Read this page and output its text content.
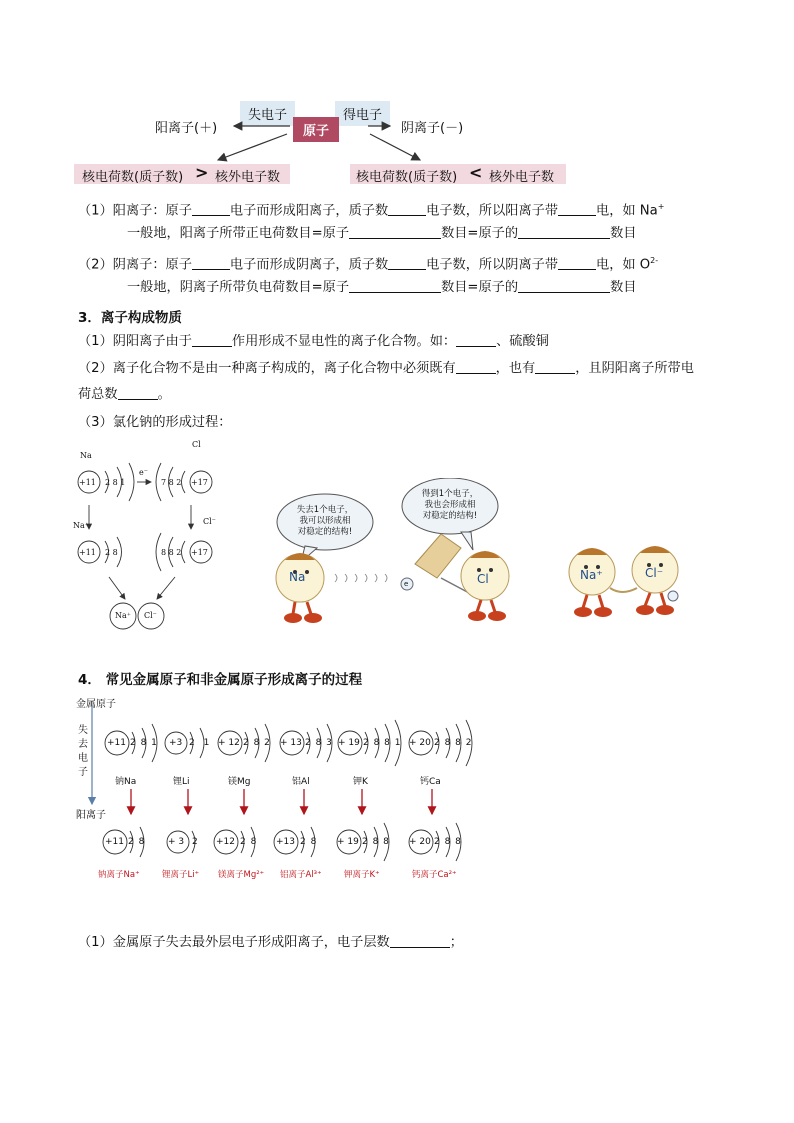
阳离子(＋)	阴离子(－)
失电子	得电子
原子
核电荷数(质子数) > 核外电子数	核电荷数(质子数) < 核外电子数
（1）阳离子：原子	电子而形成阳离子，质子数	电子数，所以阳离子带	电，如 Na+
一般地，阳离子所带正电荷数目=原子	数目=原子的	数目
（2）阴离子：原子	电子而形成阴离子，质子数	电子数，所以阴离子带	电，如 $O^{2-}$
一般地，阴离子所带负电荷数目=原子	数目=原子的	数目
3．离子构成物质
（1）阴阳离子由于	作用形成不显电性的离子化合物。如：	、硫酸铜
（2）离子化合物不是由一种离子构成的，离子化合物中必须既有	，也有	，且阴阳离子所带电
荷总数	。
（3）氯化钠的形成过程：
Na
Cl
+11	+17
2 8 1	7 8 2
e⁻
Na⁺	Cl⁻
+11	+17
2 8	8 8 2
Na⁺ Cl⁻
失去1个电子，
我可以形成相
对稳定的结构!
得到1个电子，
我也会形成相
对稳定的结构!
Na	Cl	Na⁺	Cl⁻
e
4． 常见金属原子和非金属原子形成离子的过程
金属原子
失
去
电
子
阳离子
+11 2 8 1 +3 2 1 + 12 2 8 2 + 13 2 8 3 + 19 2 8 8 1 + 20 2 8 8 2
钠Na	锂Li	镁Mg	铝Al	钾K	钙Ca
+11 2 8	+ 3 2 +12 2 8 +13 2 8 + 19 2 8 8 + 20 2 8 8
钠离子Na⁺	锂离子Li⁺ 镁离子Mg²⁺ 铝离子Al³⁺	钾离子K⁺	钙离子Ca²⁺
（1）金属原子失去最外层电子形成阳离子，电子层数	；
